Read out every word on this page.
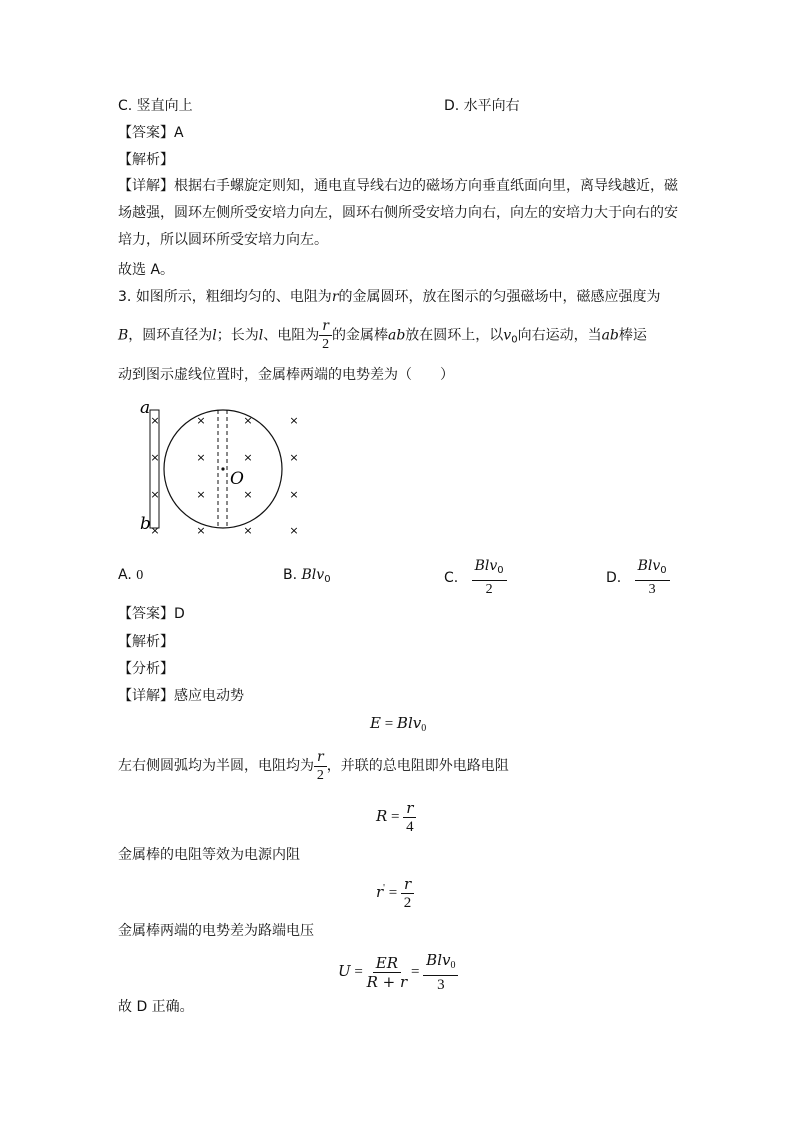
C. 竖直向上	D. 水平向右
【答案】A
【解析】
【详解】根据右手螺旋定则知，通电直导线右边的磁场方向垂直纸面向里，离导线越近，磁场越强，圆环左侧所受安培力向左，圆环右侧所受安培力向右，向左的安培力大于向右的安培力，所以圆环所受安培力向左。
故选 A。
3. 如图所示，粗细均匀的、电阻为r的金属圆环，放在图示的匀强磁场中，磁感应强度为
B，圆环直径为l；长为l、电阻为 $\frac{r}{2}$ 的金属棒ab放在圆环上，以$v_0$向右运动，当ab棒运
动到图示虚线位置时，金属棒两端的电势差为（　　）
a
b
O
×	×	×	×
×	×	×	×
×	×	×	×
×	×	×	×
A. 0	B. Blv$_0$	C. $\frac{Blv_0}{2}$	D. $\frac{Blv_0}{3}$
【答案】D
【解析】
【分析】
【详解】感应电动势
E = Blv$_0$
左右侧圆弧均为半圆，电阻均为 $\frac{r}{2}$ ，并联的总电阻即外电路电阻
$R = \frac{r}{4}$
金属棒的电阻等效为电源内阻
$r' = \frac{r}{2}$
金属棒两端的电势差为路端电压
$U = \frac{ER}{R + r} = \frac{Blv_0}{3}$
故 D 正确。
